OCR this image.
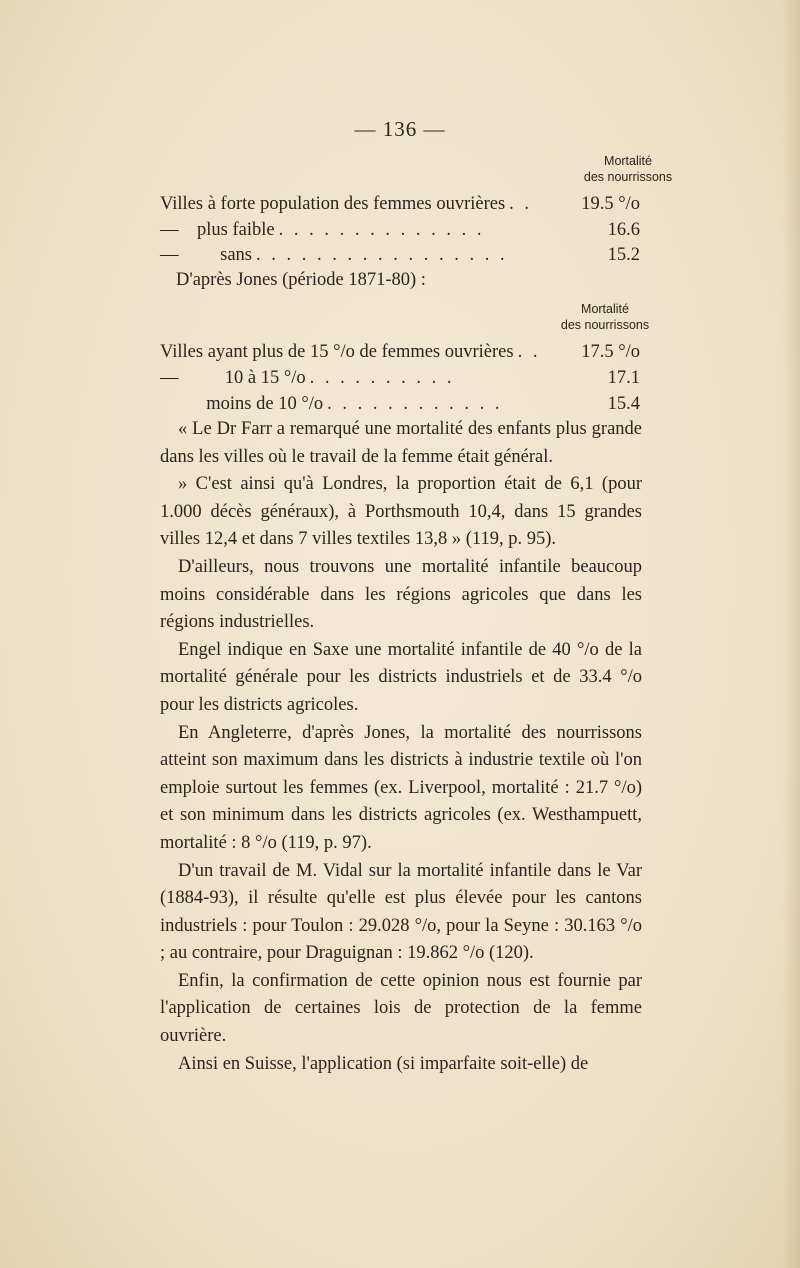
— 136 —
Mortalité
des nourrissons
Villes à forte population des femmes ouvrières . .	19.5 °/o
—    plus faible . . . . . . . . . . . . . .	16.6
—         sans . . . . . . . . . . . . . . . . .	15.2
D'après Jones (période 1871-80) :
Mortalité
des nourrissons
Villes ayant plus de 15 °/o de femmes ouvrières . .	17.5 °/o
—          10 à 15 °/o . . . . . . . . . .	17.1
moins de 10 °/o . . . . . . . . . . . .	15.4

« Le Dr Farr a remarqué une mortalité des enfants plus grande dans les villes où le travail de la femme était général.

» C'est ainsi qu'à Londres, la proportion était de 6,1 (pour 1.000 décès généraux), à Porthsmouth 10,4, dans 15 grandes villes 12,4 et dans 7 villes textiles 13,8 » (119, p. 95).

D'ailleurs, nous trouvons une mortalité infantile beaucoup moins considérable dans les régions agricoles que dans les régions industrielles.

Engel indique en Saxe une mortalité infantile de 40 °/o de la mortalité générale pour les districts industriels et de 33.4 °/o pour les districts agricoles.

En Angleterre, d'après Jones, la mortalité des nourrissons atteint son maximum dans les districts à industrie textile où l'on emploie surtout les femmes (ex. Liverpool, mortalité : 21.7 °/o) et son minimum dans les districts agricoles (ex. Westhampuett, mortalité : 8 °/o (119, p. 97).

D'un travail de M. Vidal sur la mortalité infantile dans le Var (1884-93), il résulte qu'elle est plus élevée pour les cantons industriels : pour Toulon : 29.028 °/o, pour la Seyne : 30.163 °/o ; au contraire, pour Draguignan : 19.862 °/o (120).

Enfin, la confirmation de cette opinion nous est fournie par l'application de certaines lois de protection de la femme ouvrière.

Ainsi en Suisse, l'application (si imparfaite soit-elle) de
